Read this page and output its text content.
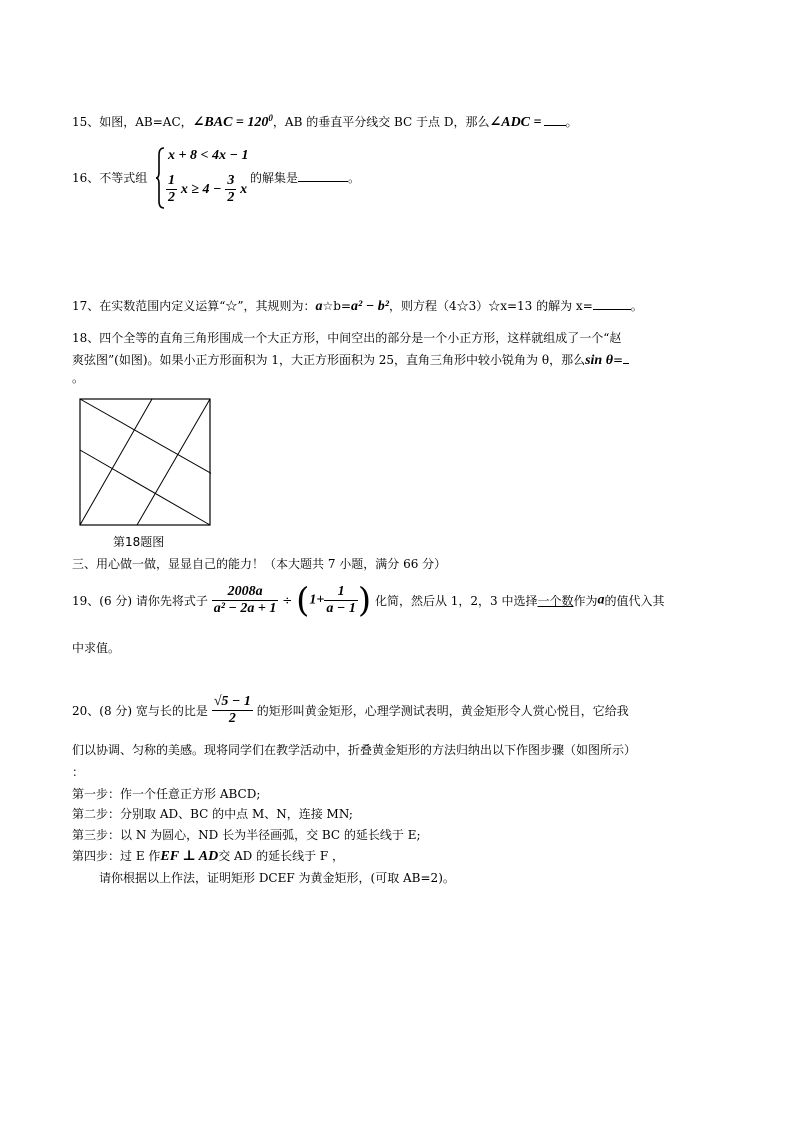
15、如图，AB=AC，∠BAC = $120^0$，AB 的垂直平分线交 BC 于点 D，那么∠ADC = 。
16、不等式组
x + 8 < 4x − 1
$\frac{1}{2}$ $x \ge 4 - \frac{3}{2}$ x
的解集是	。
17、在实数范围内定义运算“☆”，其规则为：a☆b=a² − b²，则方程（4☆3）☆x=13 的解为 x=	。
18、四个全等的直角三角形围成一个大正方形，中间空出的部分是一个小正方形，这样就组成了一个“赵
爽弦图”(如图)。如果小正方形面积为 1，大正方形面积为 25，直角三角形中较小锐角为 θ，那么sin θ=
。
第18题图
三、用心做一做，显显自己的能力！（本大题共 7 小题，满分 66 分）
19、(6 分) 请你先将式子 $\frac{2008a}{\text{a² − 2a + 1}} \div (1+ \frac{1}{a - 1}$ ) 化简，然后从 1，2，3 中选择一个数作为a的值代入其
中求值。
20、(8 分) 宽与长的比是 $\frac{√5 - 1}{2}$ 的矩形叫黄金矩形，心理学测试表明，黄金矩形令人赏心悦目，它给我
们以协调、匀称的美感。现将同学们在教学活动中，折叠黄金矩形的方法归纳出以下作图步骤（如图所示）
：
第一步：作一个任意正方形 ABCD;
第二步：分别取 AD、BC 的中点 M、N，连接 MN;
第三步：以 N 为圆心，ND 长为半径画弧，交 BC 的延长线于 E;
第四步：过 E 作EF ⊥ AD交 AD 的延长线于 F ，
请你根据以上作法，证明矩形 DCEF 为黄金矩形，(可取 AB=2)。
